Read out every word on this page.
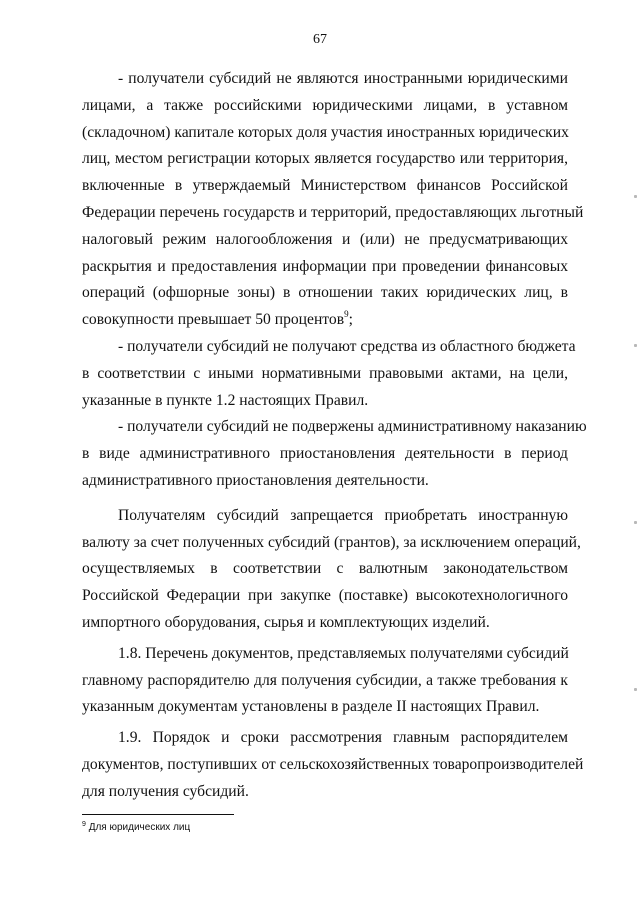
67
- получатели субсидий не являются иностранными юридическими
лицами, а также российскими юридическими лицами, в уставном
(складочном) капитале которых доля участия иностранных юридических
лиц, местом регистрации которых является государство или территория,
включенные в утверждаемый Министерством финансов Российской
Федерации перечень государств и территорий, предоставляющих льготный
налоговый режим налогообложения и (или) не предусматривающих
раскрытия и предоставления информации при проведении финансовых
операций (офшорные зоны) в отношении таких юридических лиц, в
совокупности превышает 50 процентов$^9$;
- получатели субсидий не получают средства из областного бюджета
в соответствии с иными нормативными правовыми актами, на цели,
указанные в пункте 1.2 настоящих Правил.
- получатели субсидий не подвержены административному наказанию
в виде административного приостановления деятельности в период
административного приостановления деятельности.
Получателям субсидий запрещается приобретать иностранную
валюту за счет полученных субсидий (грантов), за исключением операций,
осуществляемых в соответствии с валютным законодательством
Российской Федерации при закупке (поставке) высокотехнологичного
импортного оборудования, сырья и комплектующих изделий.
1.8. Перечень документов, представляемых получателями субсидий
главному распорядителю для получения субсидии, а также требования к
указанным документам установлены в разделе II настоящих Правил.
1.9. Порядок и сроки рассмотрения главным распорядителем
документов, поступивших от сельскохозяйственных товаропроизводителей
для получения субсидий.
$^9$ Для юридических лиц
